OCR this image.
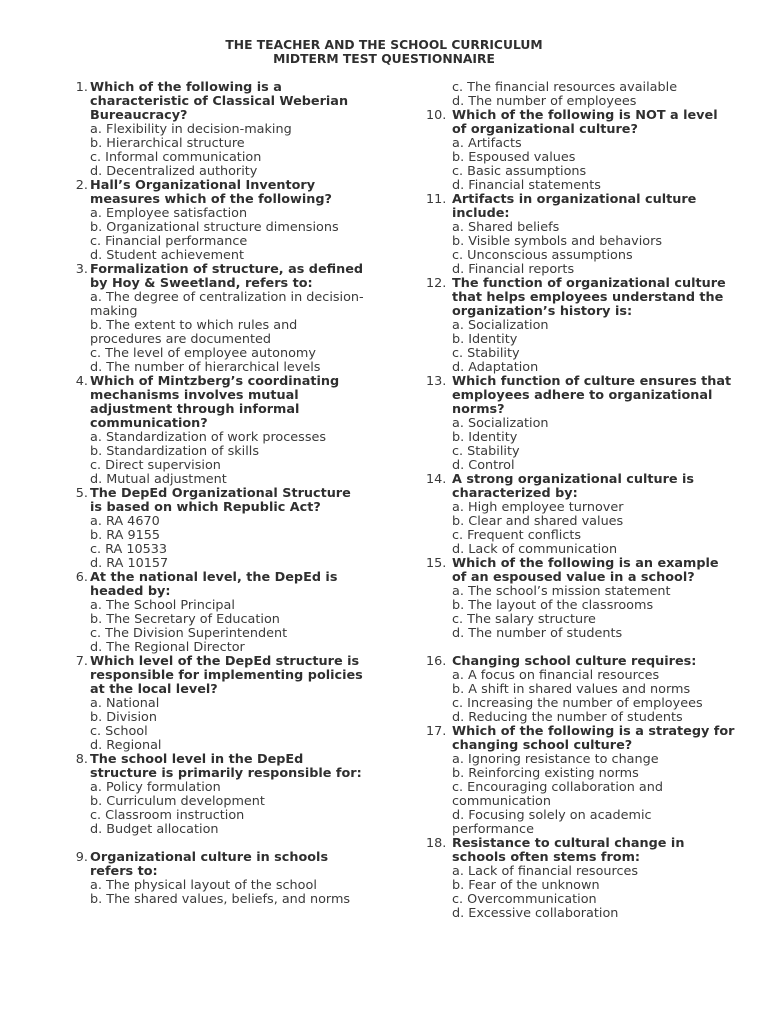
THE TEACHER AND THE SCHOOL CURRICULUM
MIDTERM TEST QUESTIONNAIRE
1. Which of the following is a characteristic of Classical Weberian Bureaucracy?
a. Flexibility in decision-making
b. Hierarchical structure
c. Informal communication
d. Decentralized authority
2. Hall’s Organizational Inventory measures which of the following?
a. Employee satisfaction
b. Organizational structure dimensions
c. Financial performance
d. Student achievement
3. Formalization of structure, as defined by Hoy & Sweetland, refers to:
a. The degree of centralization in decision-making
b. The extent to which rules and procedures are documented
c. The level of employee autonomy
d. The number of hierarchical levels
4. Which of Mintzberg’s coordinating mechanisms involves mutual adjustment through informal communication?
a. Standardization of work processes
b. Standardization of skills
c. Direct supervision
d. Mutual adjustment
5. The DepEd Organizational Structure is based on which Republic Act?
a. RA 4670
b. RA 9155
c. RA 10533
d. RA 10157
6. At the national level, the DepEd is headed by:
a. The School Principal
b. The Secretary of Education
c. The Division Superintendent
d. The Regional Director
7. Which level of the DepEd structure is responsible for implementing policies at the local level?
a. National
b. Division
c. School
d. Regional
8. The school level in the DepEd structure is primarily responsible for:
a. Policy formulation
b. Curriculum development
c. Classroom instruction
d. Budget allocation
9. Organizational culture in schools refers to:
a. The physical layout of the school
b. The shared values, beliefs, and norms
c. The financial resources available
d. The number of employees
10. Which of the following is NOT a level of organizational culture?
a. Artifacts
b. Espoused values
c. Basic assumptions
d. Financial statements
11. Artifacts in organizational culture include:
a. Shared beliefs
b. Visible symbols and behaviors
c. Unconscious assumptions
d. Financial reports
12. The function of organizational culture that helps employees understand the organization’s history is:
a. Socialization
b. Identity
c. Stability
d. Adaptation
13. Which function of culture ensures that employees adhere to organizational norms?
a. Socialization
b. Identity
c. Stability
d. Control
14. A strong organizational culture is characterized by:
a. High employee turnover
b. Clear and shared values
c. Frequent conflicts
d. Lack of communication
15. Which of the following is an example of an espoused value in a school?
a. The school’s mission statement
b. The layout of the classrooms
c. The salary structure
d. The number of students
16. Changing school culture requires:
a. A focus on financial resources
b. A shift in shared values and norms
c. Increasing the number of employees
d. Reducing the number of students
17. Which of the following is a strategy for changing school culture?
a. Ignoring resistance to change
b. Reinforcing existing norms
c. Encouraging collaboration and communication
d. Focusing solely on academic performance
18. Resistance to cultural change in schools often stems from:
a. Lack of financial resources
b. Fear of the unknown
c. Overcommunication
d. Excessive collaboration
